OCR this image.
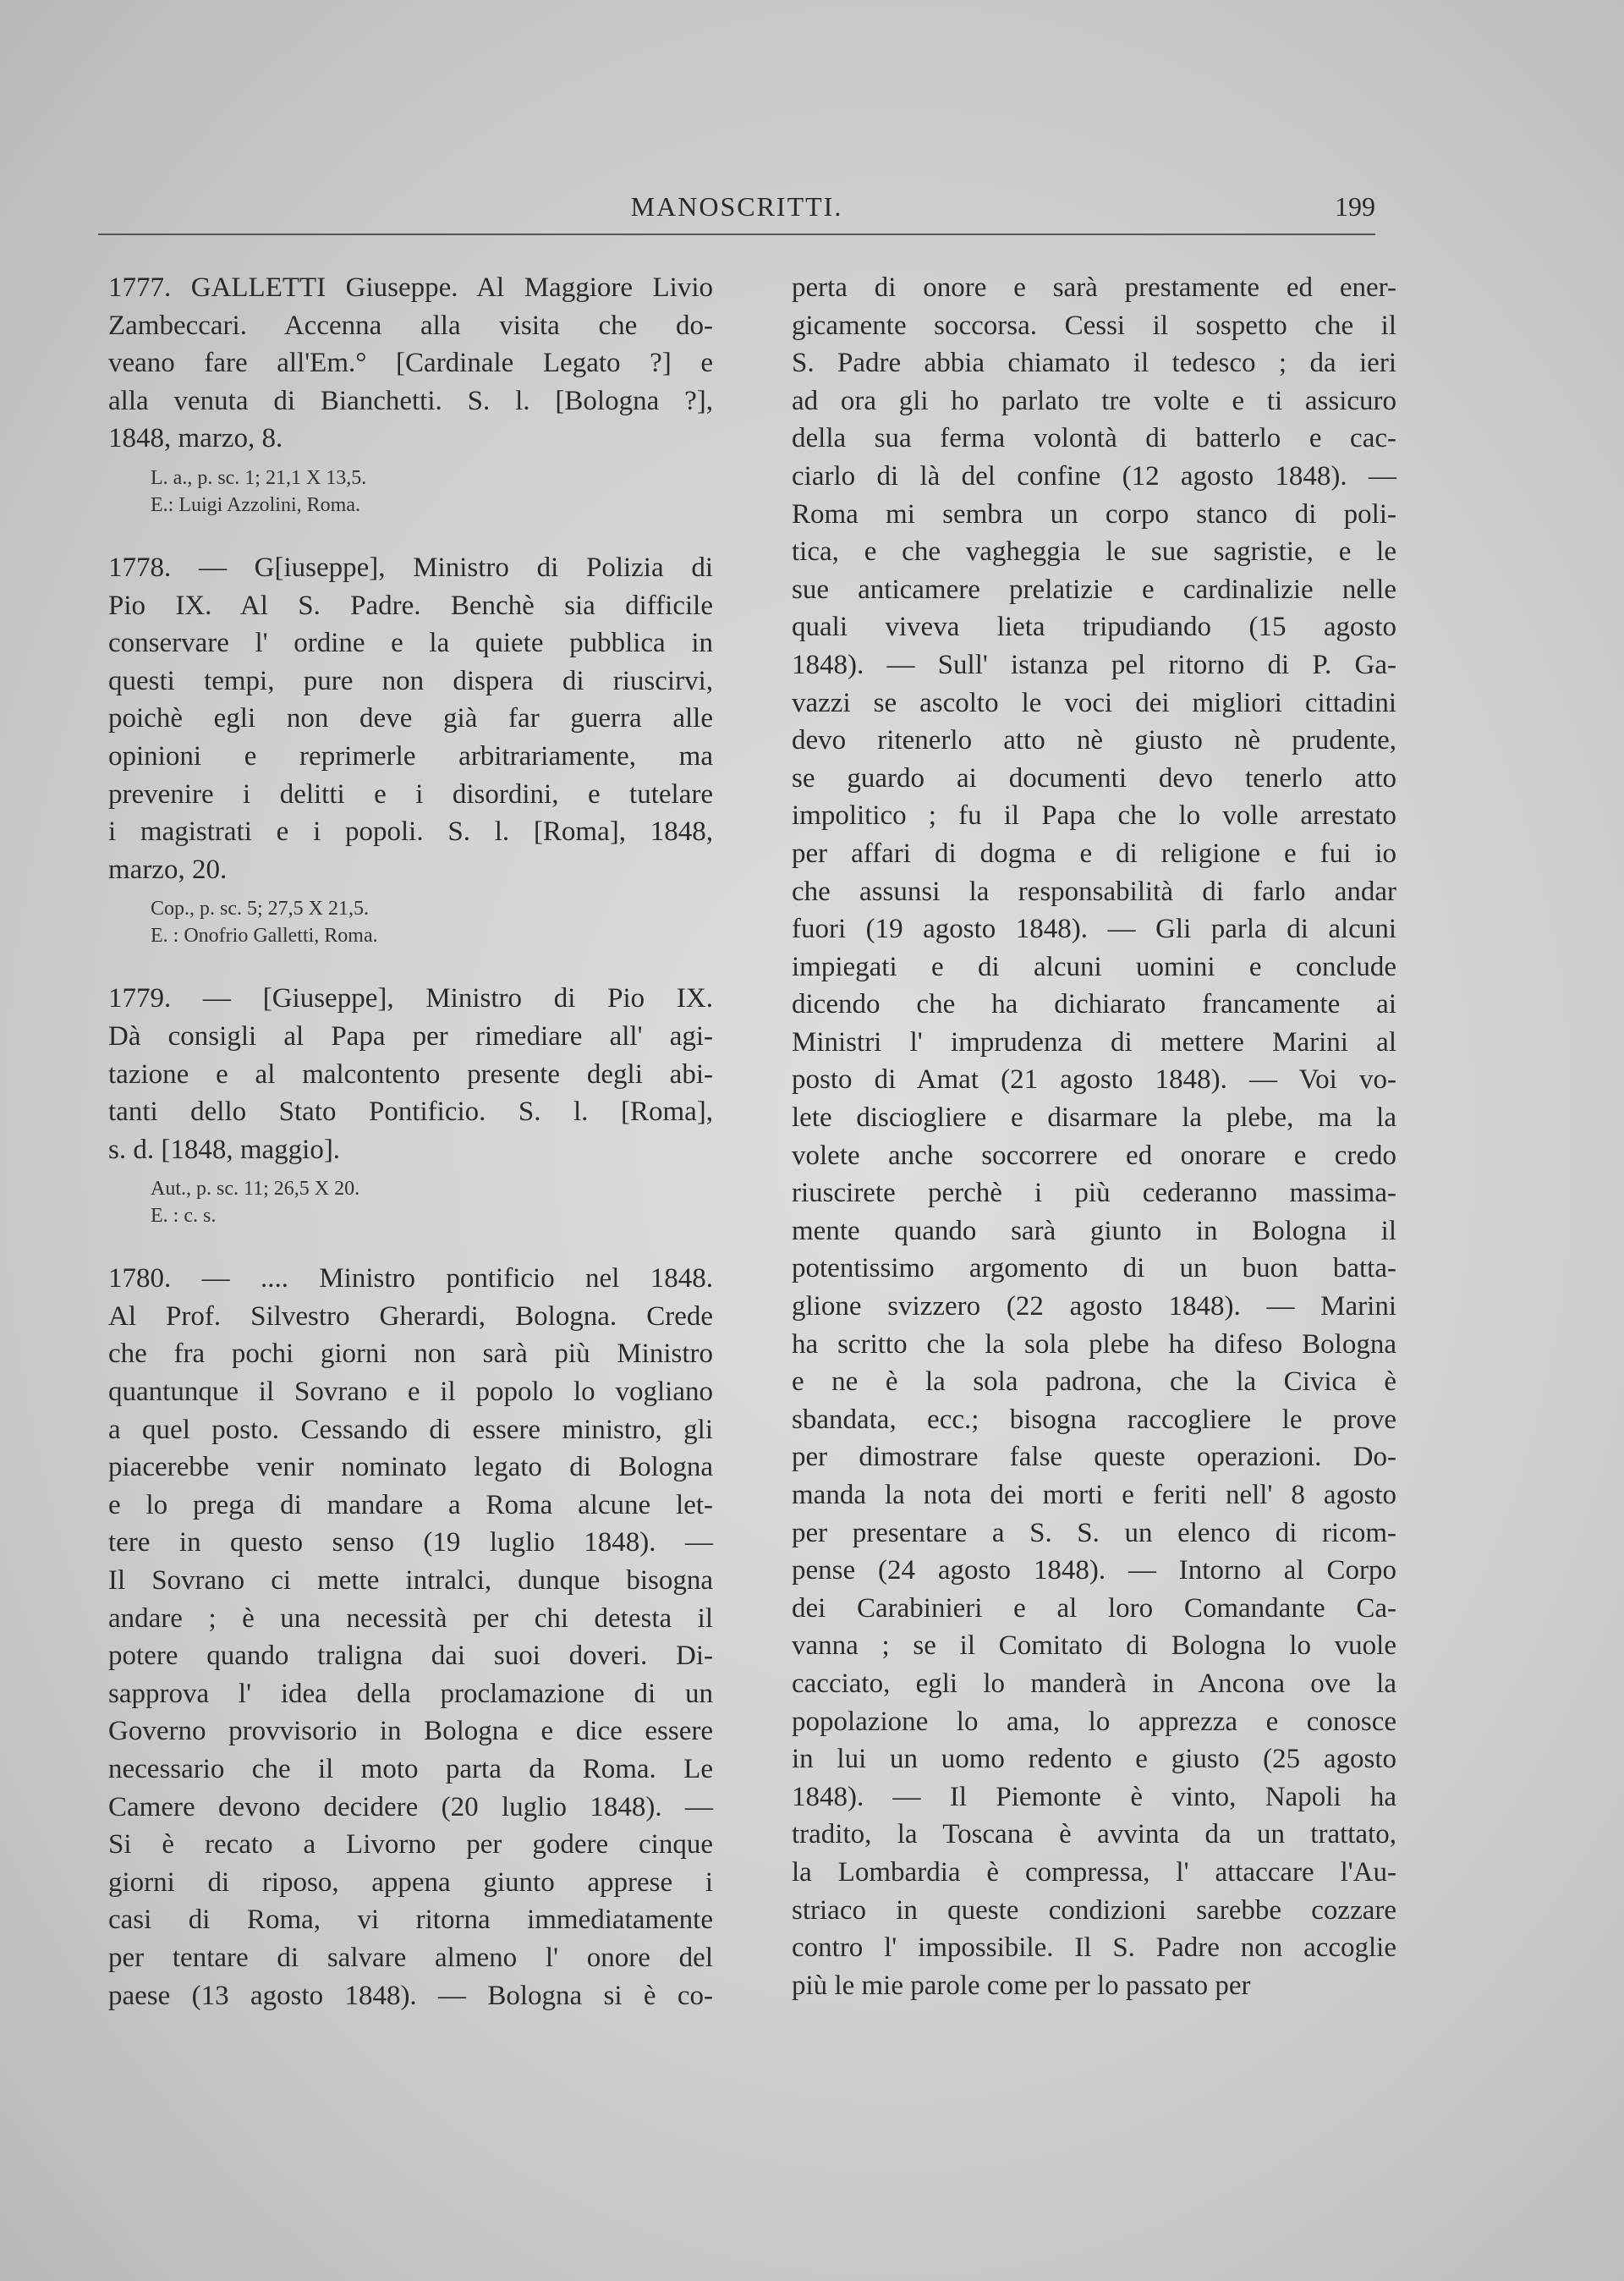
MANOSCRITTI.	199
1777. GALLETTI Giuseppe. Al Maggiore Livio
Zambeccari. Accenna alla visita che do-
veano fare all'Em.° [Cardinale Legato ?] e
alla venuta di Bianchetti. S. l. [Bologna ?],
1848, marzo, 8.
L. a., p. sc. 1; 21,1 X 13,5.
E.: Luigi Azzolini, Roma.
1778. — G[iuseppe], Ministro di Polizia di
Pio IX. Al S. Padre. Benchè sia difficile
conservare l' ordine e la quiete pubblica in
questi tempi, pure non dispera di riuscirvi,
poichè egli non deve già far guerra alle
opinioni e reprimerle arbitrariamente, ma
prevenire i delitti e i disordini, e tutelare
i magistrati e i popoli. S. l. [Roma], 1848,
marzo, 20.
Cop., p. sc. 5; 27,5 X 21,5.
E. : Onofrio Galletti, Roma.
1779. — [Giuseppe], Ministro di Pio IX.
Dà consigli al Papa per rimediare all' agi-
tazione e al malcontento presente degli abi-
tanti dello Stato Pontificio. S. l. [Roma],
s. d. [1848, maggio].
Aut., p. sc. 11; 26,5 X 20.
E. : c. s.
1780. — .... Ministro pontificio nel 1848.
Al Prof. Silvestro Gherardi, Bologna. Crede
che fra pochi giorni non sarà più Ministro
quantunque il Sovrano e il popolo lo vogliano
a quel posto. Cessando di essere ministro, gli
piacerebbe venir nominato legato di Bologna
e lo prega di mandare a Roma alcune let-
tere in questo senso (19 luglio 1848). —
Il Sovrano ci mette intralci, dunque bisogna
andare ; è una necessità per chi detesta il
potere quando traligna dai suoi doveri. Di-
sapprova l' idea della proclamazione di un
Governo provvisorio in Bologna e dice essere
necessario che il moto parta da Roma. Le
Camere devono decidere (20 luglio 1848). —
Si è recato a Livorno per godere cinque
giorni di riposo, appena giunto apprese i
casi di Roma, vi ritorna immediatamente
per tentare di salvare almeno l' onore del
paese (13 agosto 1848). — Bologna si è co-
perta di onore e sarà prestamente ed ener-
gicamente soccorsa. Cessi il sospetto che il
S. Padre abbia chiamato il tedesco ; da ieri
ad ora gli ho parlato tre volte e ti assicuro
della sua ferma volontà di batterlo e cac-
ciarlo di là del confine (12 agosto 1848). —
Roma mi sembra un corpo stanco di poli-
tica, e che vagheggia le sue sagristie, e le
sue anticamere prelatizie e cardinalizie nelle
quali viveva lieta tripudiando (15 agosto
1848). — Sull' istanza pel ritorno di P. Ga-
vazzi se ascolto le voci dei migliori cittadini
devo ritenerlo atto nè giusto nè prudente,
se guardo ai documenti devo tenerlo atto
impolitico ; fu il Papa che lo volle arrestato
per affari di dogma e di religione e fui io
che assunsi la responsabilità di farlo andar
fuori (19 agosto 1848). — Gli parla di alcuni
impiegati e di alcuni uomini e conclude
dicendo che ha dichiarato francamente ai
Ministri l' imprudenza di mettere Marini al
posto di Amat (21 agosto 1848). — Voi vo-
lete disciogliere e disarmare la plebe, ma la
volete anche soccorrere ed onorare e credo
riuscirete perchè i più cederanno massima-
mente quando sarà giunto in Bologna il
potentissimo argomento di un buon batta-
glione svizzero (22 agosto 1848). — Marini
ha scritto che la sola plebe ha difeso Bologna
e ne è la sola padrona, che la Civica è
sbandata, ecc.; bisogna raccogliere le prove
per dimostrare false queste operazioni. Do-
manda la nota dei morti e feriti nell' 8 agosto
per presentare a S. S. un elenco di ricom-
pense (24 agosto 1848). — Intorno al Corpo
dei Carabinieri e al loro Comandante Ca-
vanna ; se il Comitato di Bologna lo vuole
cacciato, egli lo manderà in Ancona ove la
popolazione lo ama, lo apprezza e conosce
in lui un uomo redento e giusto (25 agosto
1848). — Il Piemonte è vinto, Napoli ha
tradito, la Toscana è avvinta da un trattato,
la Lombardia è compressa, l' attaccare l'Au-
striaco in queste condizioni sarebbe cozzare
contro l' impossibile. Il S. Padre non accoglie
più le mie parole come per lo passato per
